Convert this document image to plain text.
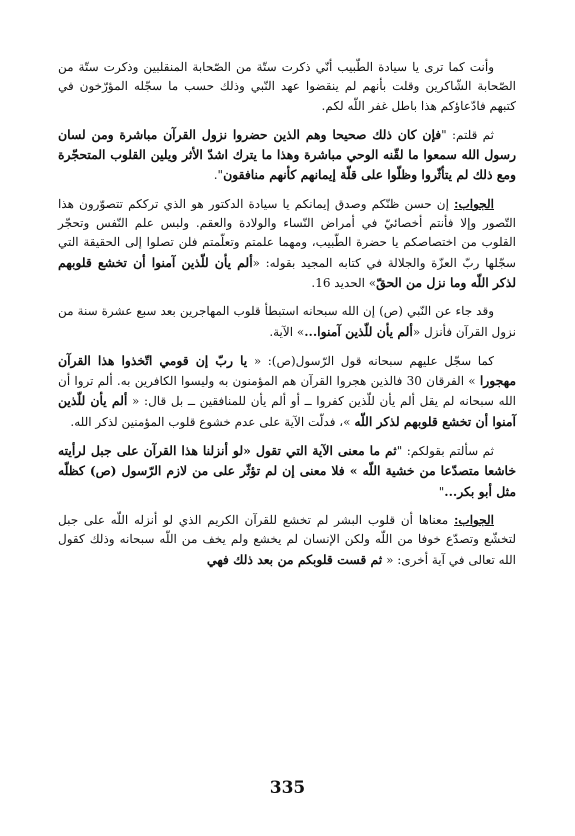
وأنت كما ترى يا سيادة الطّبيب أنّي ذكرت ستّة من الصّحابة المنقلبين وذكرت ستّة من الصّحابة الشّاكرين وقلت بأنهم لم ينقضوا عهد النّبي وذلك حسب ما سجّله المؤرّخون في كتبهم فادّعاؤكم هذا باطل غفر اللّه لكم.

ثم قلتم: "فإن كان ذلك صحيحا وهم الذين حضروا نزول القرآن مباشرة ومن لسان رسول الله سمعوا ما لقّنه الوحي مباشرة وهذا ما يترك اشدّ الأثر ويلين القلوب المتحجّرة ومع ذلك لم يتأثّروا وظلّوا على قلّة إيمانهم كأنهم منافقون".

الجواب: إن حسن ظنّكم وصدق إيمانكم يا سيادة الدكتور هو الذي ترككم تتصوّرون هذا التّصور وإلا فأنتم أخصائيّ في أمراض النّساء والولادة والعقم. ولبس علم النّفس وتحجّر القلوب من اختصاصكم يا حضرة الطّبيب، ومهما علمتم وتعلّمتم فلن تصلوا إلى الحقيقة التي سجّلها ربّ العزّة والجلالة في كتابه المجيد بقوله: «ألم يأن للّذين آمنوا أن تخشع قلوبهم لذكر اللّه وما نزل من الحقّ» الحديد 16.

وقد جاء عن النّبي (ص) إن الله سبحانه استبطأ قلوب المهاجرين بعد سبع عشرة سنة من نزول القرآن فأنزل «ألم يأن للّذين آمنوا...» الآية.

كما سجّل عليهم سبحانه قول الرّسول(ص): « يا ربّ إن قومي اتّخذوا هذا القرآن مهجورا » الفرقان 30 فالذين هجروا القرآن هم المؤمنون به وليسوا الكافرين به. ألم تروا أن الله سبحانه لم يقل ألم يأن للّذين كفروا ــ أو ألم يأن للمنافقين ــ بل قال: « ألم يأن للّذين آمنوا أن تخشع قلوبهم لذكر اللّه »، فدلّت الآية على عدم خشوع قلوب المؤمنين لذكر الله.

ثم سألتم بقولكم: "ثم ما معنى الآية التي تقول «لو أنزلنا هذا القرآن على جبل لرأيته خاشعا متصدّعا من خشية اللّه » فلا معنى إن لم تؤثّر على من لازم الرّسول (ص) كظلّه مثل أبو بكر..."

الجواب: معناها أن قلوب البشر لم تخشع للقرآن الكريم الذي لو أنزله اللّه على جبل لتخشّع وتصدّع خوفا من اللّه ولكن الإنسان لم يخشع ولم يخف من اللّه سبحانه وذلك كقول الله تعالى في آية أخرى: « ثم قست قلوبكم من بعد ذلك فهي

335
